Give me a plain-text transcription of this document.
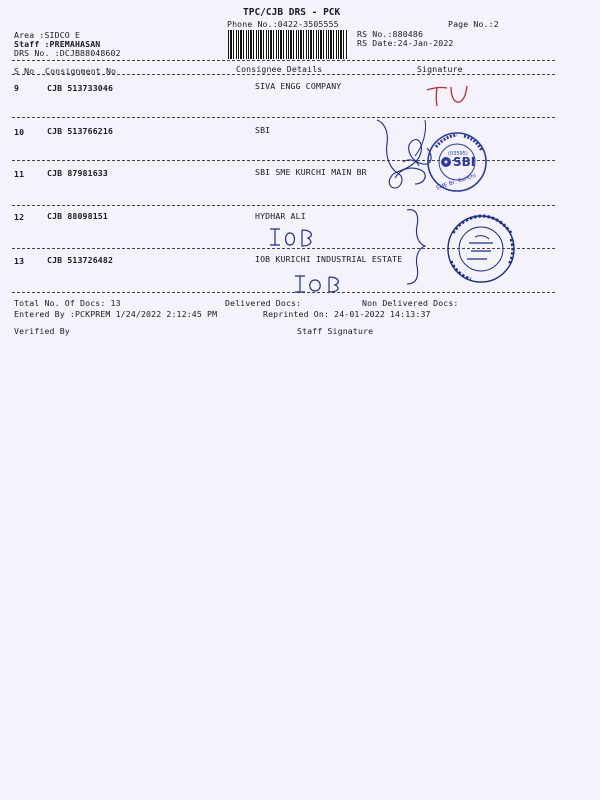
TPC/CJB DRS - PCK
Phone No.:0422-3505555
Area :SIDCO E
Staff :PREMAHASAN
DRS No. :DCJB88048602
RS No.:880486
RS Date:24-Jan-2022
Page No.:2
S No Consignment No	Consignee Details	Signature
9	CJB 513733046	SIVA ENGG COMPANY
10	CJB 513766216	SBI
11	CJB 87981633	SBI SME KURCHI MAIN BR
12	CJB 88098151	HYDHAR ALI
13	CJB 513726482	IOB KURICHI INDUSTRIAL ESTATE
SBI
(03595)
SME Br, Kurichi
Total No. Of Docs: 13	Delivered Docs:	Non Delivered Docs:
Entered By :PCKPREM 1/24/2022 2:12:45 PM	Reprinted On: 24-01-2022 14:13:37
Verified By	Staff Signature
